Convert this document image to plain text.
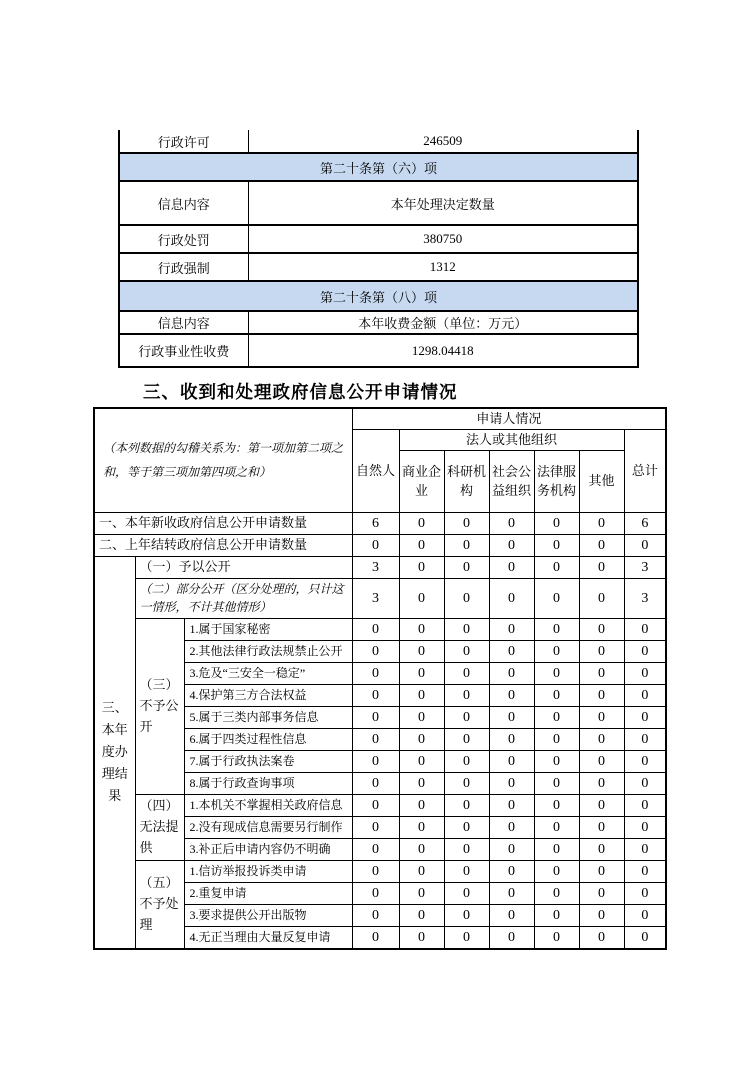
行政许可	246509
第二十条第（六）项	
信息内容	本年处理决定数量
行政处罚	380750
行政强制	1312
第二十条第（八）项	
信息内容	本年收费金额（单位：万元）
行政事业性收费	1298.04418
三、收到和处理政府信息公开申请情况
（本列数据的勾稽关系为：第一项加第二项之和，等于第三项加第四项之和）			申请人情况						
			自然人	法人或其他组织					总计
				商业企业	科研机构	社会公益组织	法律服务机构	其他	
一、本年新收政府信息公开申请数量			6	0	0	0	0	0	6
二、上年结转政府信息公开申请数量			0	0	0	0	0	0	0
三、本年度办理结果	（一）予以公开		3	0	0	0	0	0	3
	（二）部分公开（区分处理的，只计这一情形，不计其他情形）		3	0	0	0	0	0	3
	（三）不予公开	1.属于国家秘密	0	0	0	0	0	0	0
		2.其他法律行政法规禁止公开	0	0	0	0	0	0	0
		3.危及“三安全一稳定”	0	0	0	0	0	0	0
		4.保护第三方合法权益	0	0	0	0	0	0	0
		5.属于三类内部事务信息	0	0	0	0	0	0	0
		6.属于四类过程性信息	0	0	0	0	0	0	0
		7.属于行政执法案卷	0	0	0	0	0	0	0
		8.属于行政查询事项	0	0	0	0	0	0	0
	（四）无法提供	1.本机关不掌握相关政府信息	0	0	0	0	0	0	0
		2.没有现成信息需要另行制作	0	0	0	0	0	0	0
		3.补正后申请内容仍不明确	0	0	0	0	0	0	0
	（五）不予处理	1.信访举报投诉类申请	0	0	0	0	0	0	0
		2.重复申请	0	0	0	0	0	0	0
		3.要求提供公开出版物	0	0	0	0	0	0	0
		4.无正当理由大量反复申请	0	0	0	0	0	0	0
